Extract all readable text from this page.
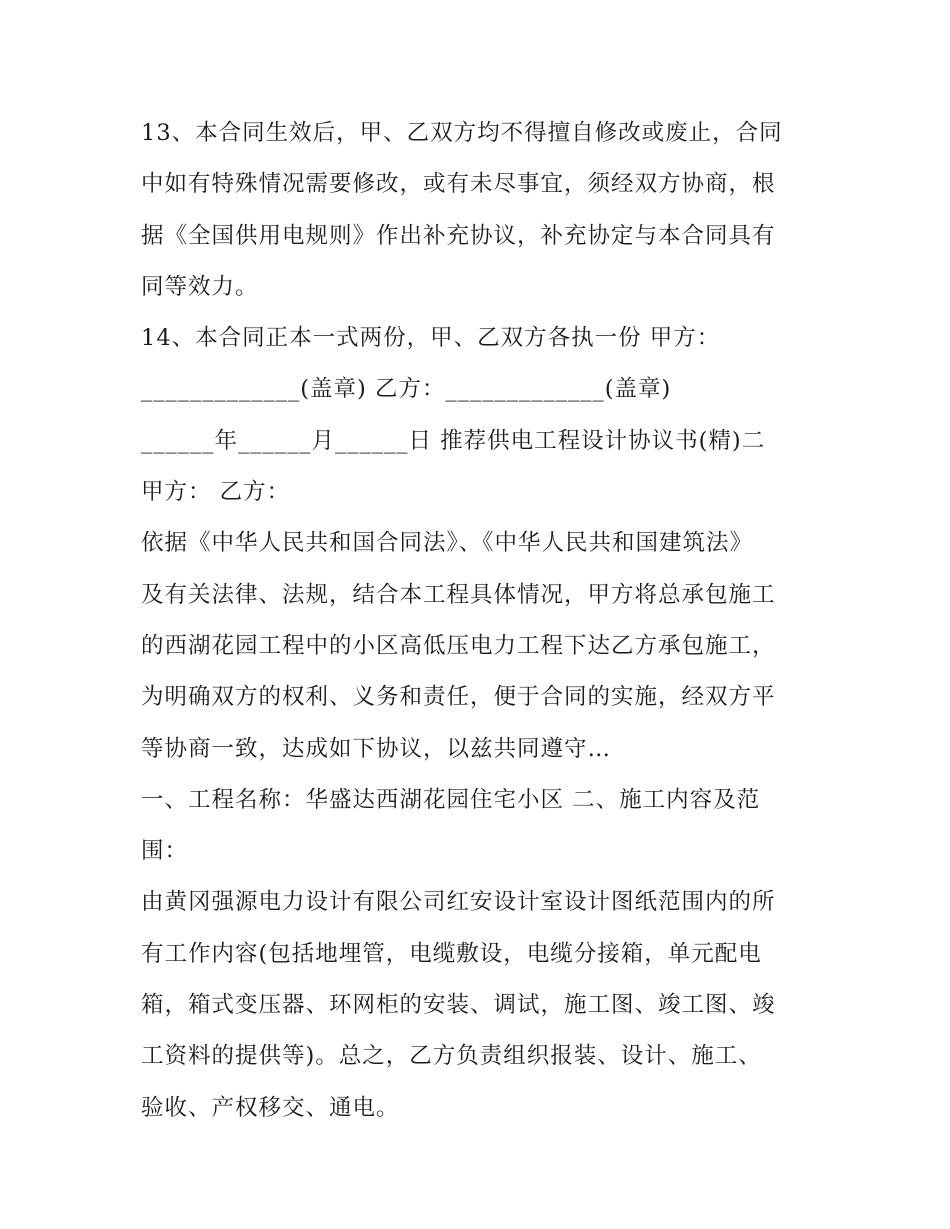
13、本合同生效后，甲、乙双方均不得擅自修改或废止，合同
中如有特殊情况需要修改，或有未尽事宜，须经双方协商，根
据《全国供用电规则》作出补充协议，补充协定与本合同具有
同等效力。
14、本合同正本一式两份，甲、乙双方各执一份 甲方：
_____________(盖章) 乙方：_____________(盖章)
______年______月______日 推荐供电工程设计协议书(精)二
甲方： 乙方：
依据《中华人民共和国合同法》、《中华人民共和国建筑法》
及有关法律、法规，结合本工程具体情况，甲方将总承包施工
的西湖花园工程中的小区高低压电力工程下达乙方承包施工，
为明确双方的权利、义务和责任，便于合同的实施，经双方平
等协商一致，达成如下协议，以兹共同遵守…
一、工程名称：华盛达西湖花园住宅小区 二、施工内容及范
围：
由黄冈强源电力设计有限公司红安设计室设计图纸范围内的所
有工作内容(包括地埋管，电缆敷设，电缆分接箱，单元配电
箱，箱式变压器、环网柜的安装、调试，施工图、竣工图、竣
工资料的提供等)。总之，乙方负责组织报装、设计、施工、
验收、产权移交、通电。
